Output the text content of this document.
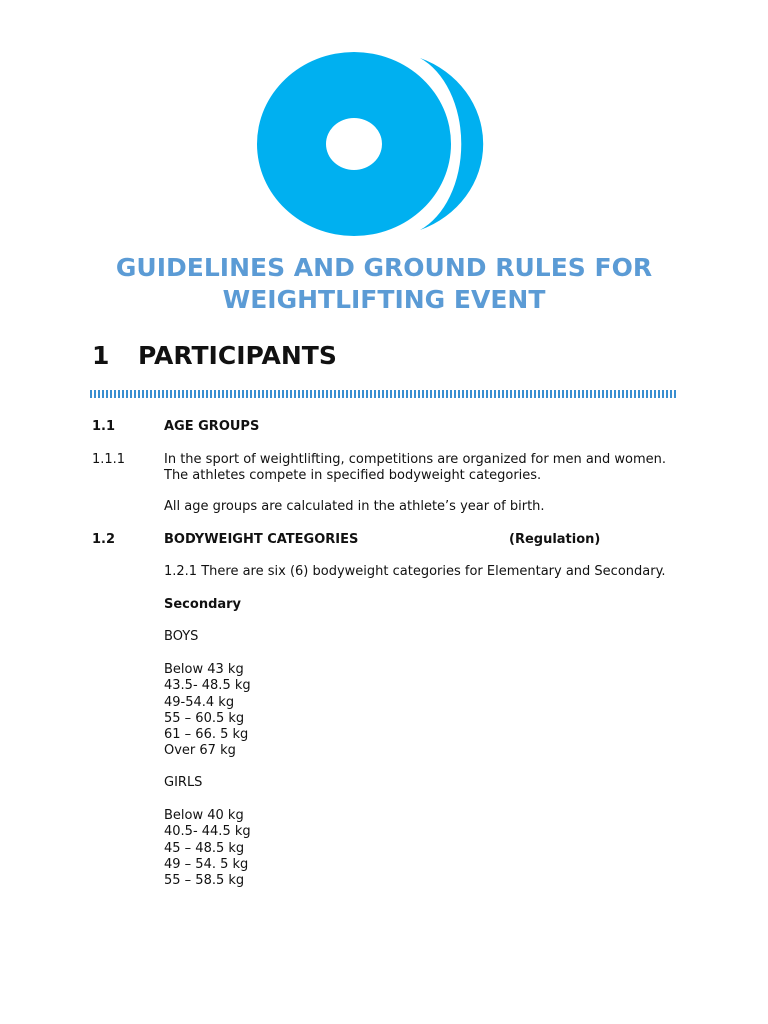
GUIDELINES AND GROUND RULES FOR
WEIGHTLIFTING EVENT
1 PARTICIPANTS
1.1	AGE GROUPS
1.1.1	In the sport of weightlifting, competitions are organized for men and women.
The athletes compete in specified bodyweight categories.
All age groups are calculated in the athlete’s year of birth.
1.2	BODYWEIGHT CATEGORIES	(Regulation)
1.2.1 There are six (6) bodyweight categories for Elementary and Secondary.
Secondary
BOYS
Below 43 kg
43.5- 48.5 kg
49-54.4 kg
55 – 60.5 kg
61 – 66. 5 kg
Over 67 kg
GIRLS
Below 40 kg
40.5- 44.5 kg
45 – 48.5 kg
49 – 54. 5 kg
55 – 58.5 kg
